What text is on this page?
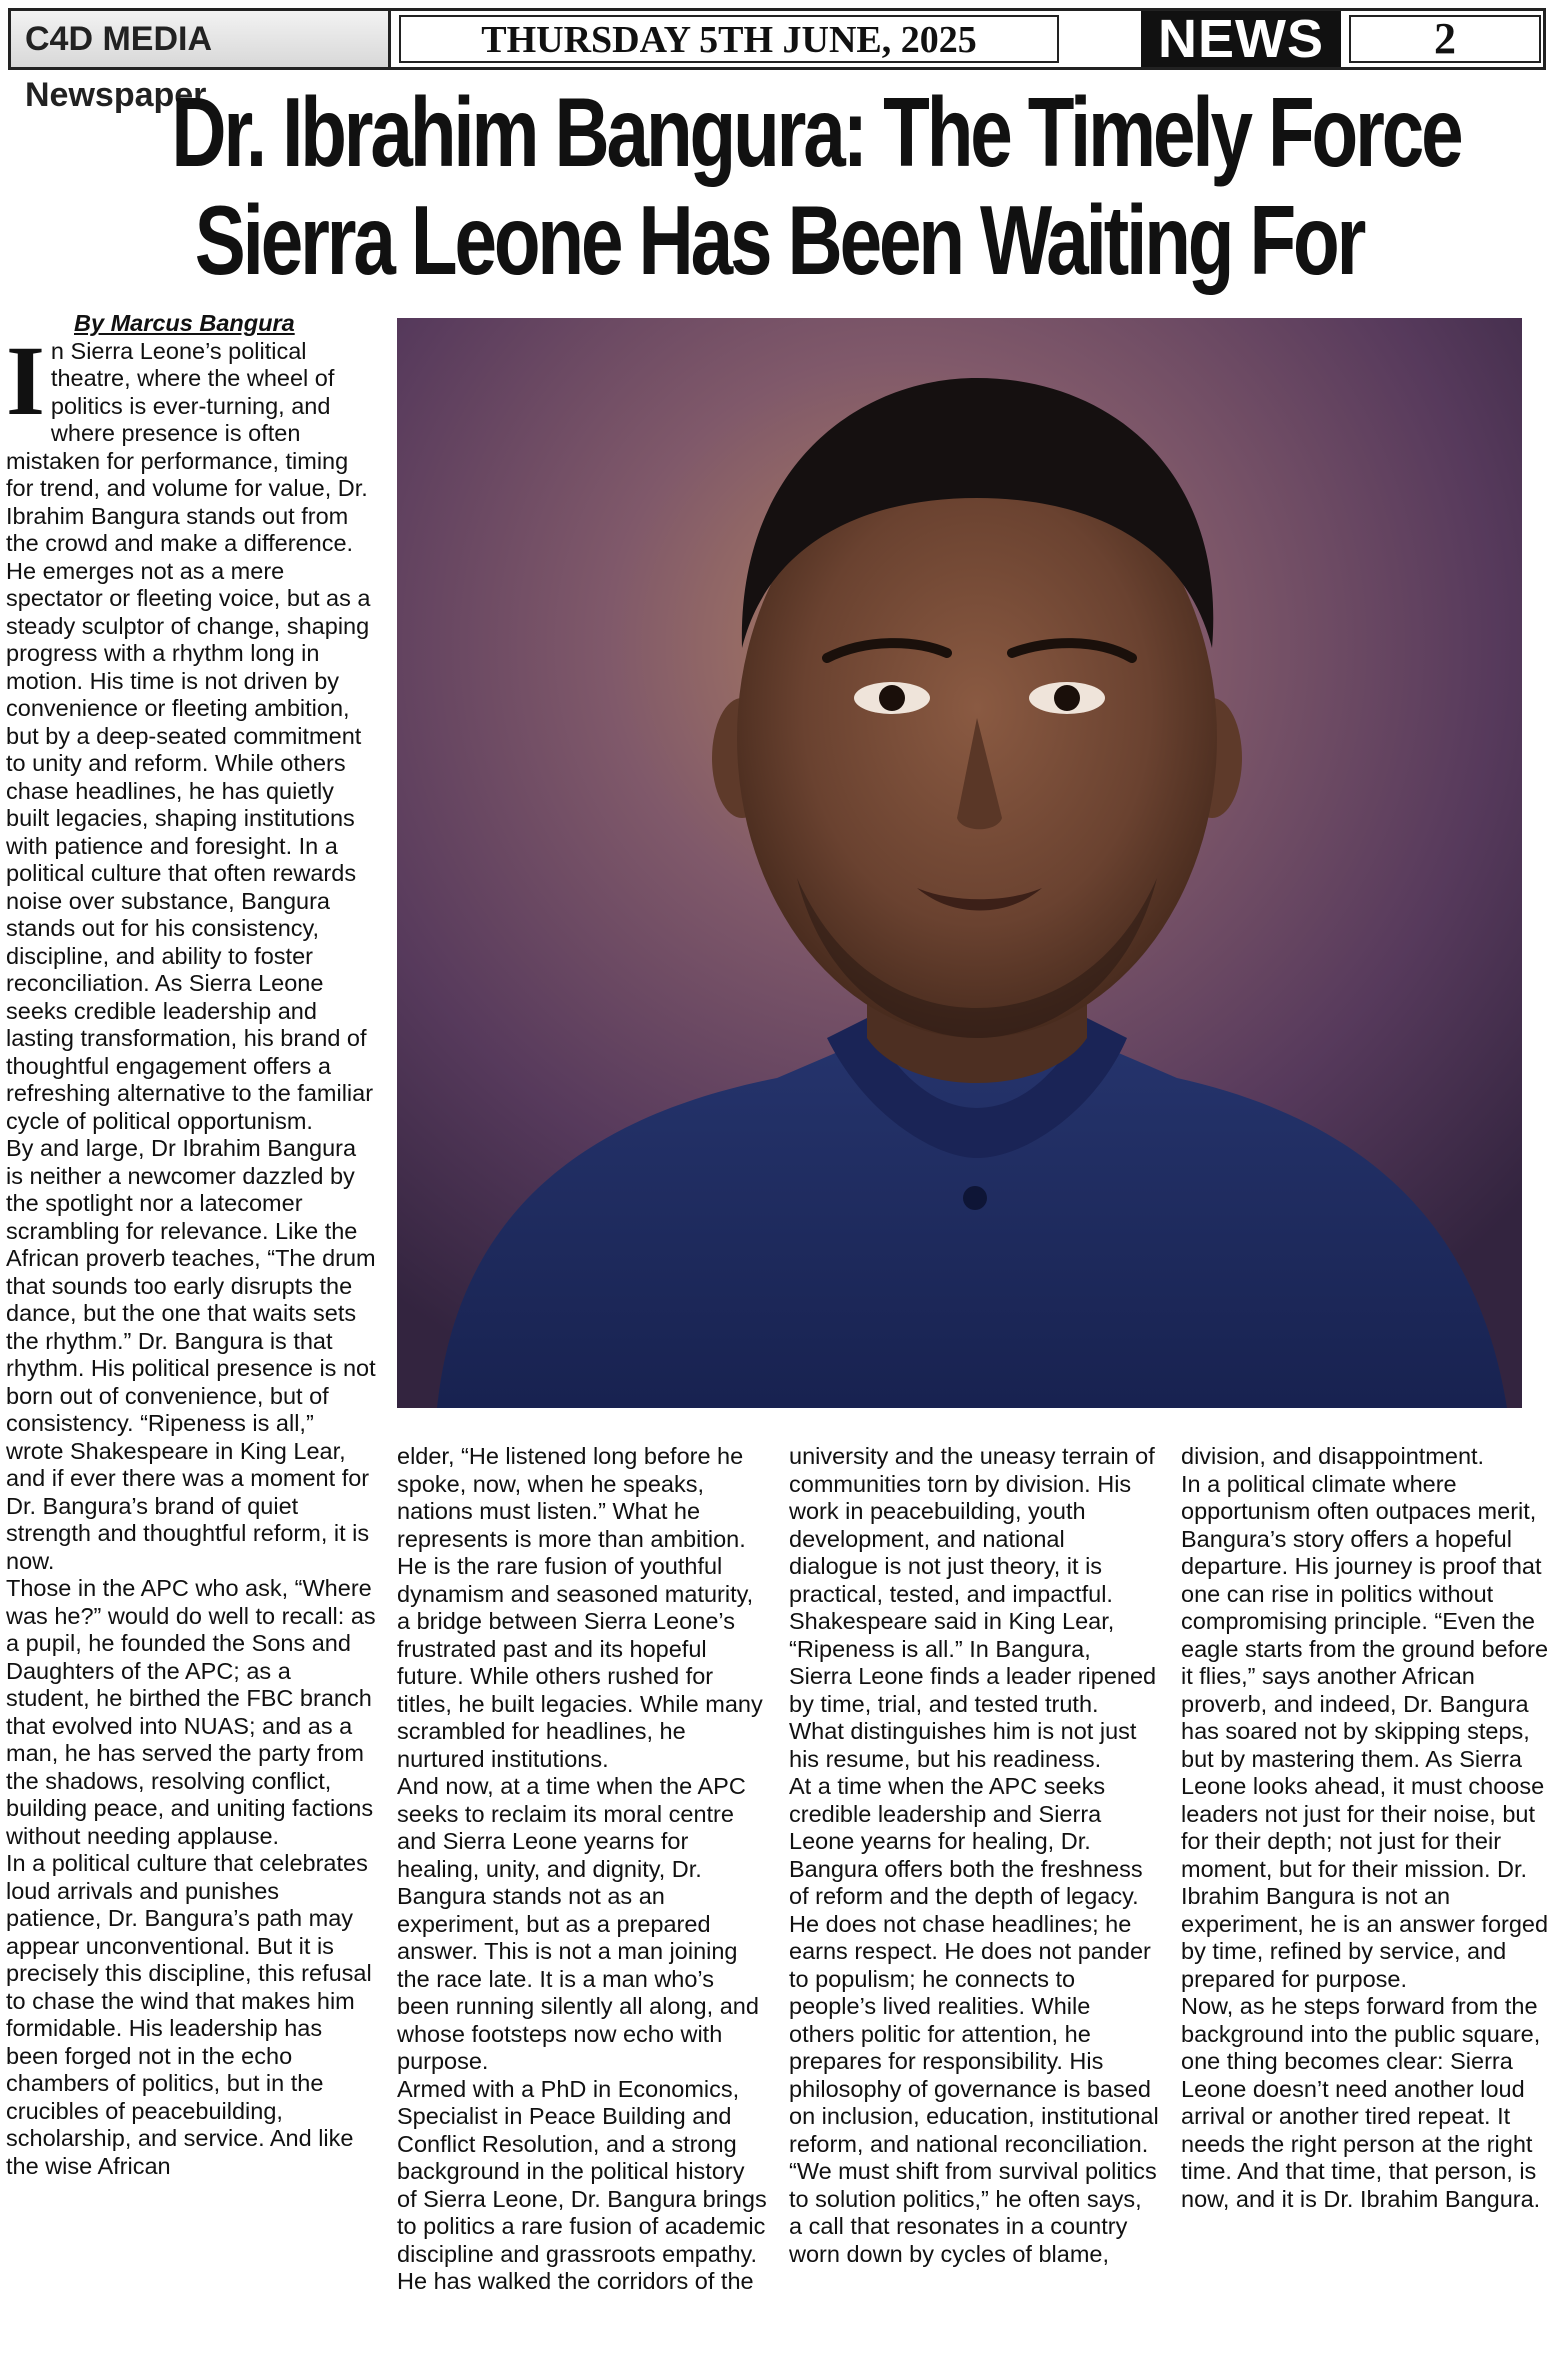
C4D MEDIA Newspaper
THURSDAY 5TH JUNE, 2025	NEWS	2
Dr. Ibrahim Bangura: The Timely Force
Sierra Leone Has Been Waiting For

By Marcus Bangura

In Sierra Leone’s political theatre, where the wheel of politics is ever-turning, and where presence is often mistaken for performance, timing for trend, and volume for value, Dr. Ibrahim Bangura stands out from the crowd and make a difference. He emerges not as a mere spectator or fleeting voice, but as a steady sculptor of change, shaping progress with a rhythm long in motion. His time is not driven by convenience or fleeting ambition, but by a deep-seated commitment to unity and reform. While others chase headlines, he has quietly built legacies, shaping institutions with patience and foresight. In a political culture that often rewards noise over substance, Bangura stands out for his consistency, discipline, and ability to foster reconciliation. As Sierra Leone seeks credible leadership and lasting transformation, his brand of thoughtful engagement offers a refreshing alternative to the familiar cycle of political opportunism.

By and large, Dr Ibrahim Bangura is neither a newcomer dazzled by the spotlight nor a latecomer scrambling for relevance. Like the African proverb teaches, “The drum that sounds too early disrupts the dance, but the one that waits sets the rhythm.” Dr. Bangura is that rhythm. His political presence is not born out of convenience, but of consistency. “Ripeness is all,” wrote Shakespeare in King Lear, and if ever there was a moment for Dr. Bangura’s brand of quiet strength and thoughtful reform, it is now.

Those in the APC who ask, “Where was he?” would do well to recall: as a pupil, he founded the Sons and Daughters of the APC; as a student, he birthed the FBC branch that evolved into NUAS; and as a man, he has served the party from the shadows, resolving conflict, building peace, and uniting factions without needing applause.

In a political culture that celebrates loud arrivals and punishes patience, Dr. Bangura’s path may appear unconventional. But it is precisely this discipline, this refusal to chase the wind that makes him formidable. His leadership has been forged not in the echo chambers of politics, but in the crucibles of peacebuilding, scholarship, and service. And like the wise African

elder, “He listened long before he spoke, now, when he speaks, nations must listen.” What he represents is more than ambition. He is the rare fusion of youthful dynamism and seasoned maturity, a bridge between Sierra Leone’s frustrated past and its hopeful future. While others rushed for titles, he built legacies. While many scrambled for headlines, he nurtured institutions.

And now, at a time when the APC seeks to reclaim its moral centre and Sierra Leone yearns for healing, unity, and dignity, Dr. Bangura stands not as an experiment, but as a prepared answer. This is not a man joining the race late. It is a man who’s been running silently all along, and whose footsteps now echo with purpose.

Armed with a PhD in Economics, Specialist in Peace Building and Conflict Resolution, and a strong background in the political history of Sierra Leone, Dr. Bangura brings to politics a rare fusion of academic discipline and grassroots empathy. He has walked the corridors of the

university and the uneasy terrain of communities torn by division. His work in peacebuilding, youth development, and national dialogue is not just theory, it is practical, tested, and impactful. Shakespeare said in King Lear, “Ripeness is all.” In Bangura, Sierra Leone finds a leader ripened by time, trial, and tested truth. What distinguishes him is not just his resume, but his readiness.

At a time when the APC seeks credible leadership and Sierra Leone yearns for healing, Dr. Bangura offers both the freshness of reform and the depth of legacy. He does not chase headlines; he earns respect. He does not pander to populism; he connects to people’s lived realities. While others politic for attention, he prepares for responsibility. His philosophy of governance is based on inclusion, education, institutional reform, and national reconciliation. “We must shift from survival politics to solution politics,” he often says, a call that resonates in a country worn down by cycles of blame,

division, and disappointment.

In a political climate where opportunism often outpaces merit, Bangura’s story offers a hopeful departure. His journey is proof that one can rise in politics without compromising principle. “Even the eagle starts from the ground before it flies,” says another African proverb, and indeed, Dr. Bangura has soared not by skipping steps, but by mastering them. As Sierra Leone looks ahead, it must choose leaders not just for their noise, but for their depth; not just for their moment, but for their mission. Dr. Ibrahim Bangura is not an experiment, he is an answer forged by time, refined by service, and prepared for purpose.

Now, as he steps forward from the background into the public square, one thing becomes clear: Sierra Leone doesn’t need another loud arrival or another tired repeat. It needs the right person at the right time. And that time, that person, is now, and it is Dr. Ibrahim Bangura.
